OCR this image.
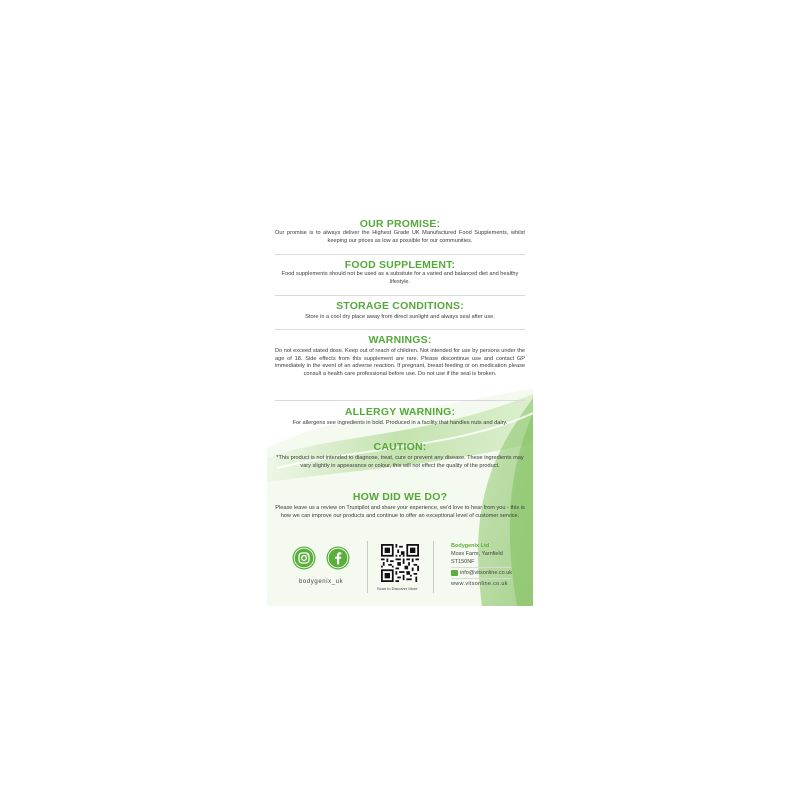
OUR PROMISE:
Our promise is to always deliver the Highest Grade UK Manufactured Food Supplements, whilst keeping our prices as low as possible for our communities.
FOOD SUPPLEMENT:
Food supplements should not be used as a subsitute for a varied and balanced diet and healthy lifestyle.
STORAGE CONDITIONS:
Store in a cool dry place away from direct sunlight and always seal after use.
WARNINGS:
Do not exceed stated dose. Keep out of reach of children. Not intended for use by persons under the age of 18. Side effects from this supplement are rare. Please discontinue use and contact GP immediately in the event of an adverse reaction. If pregnant, breast feeding or on medication please consult a health care professional before use. Do not use if the seal is broken.
ALLERGY WARNING:
For allergens see ingredients in bold. Produced in a facility that handles nuts and dairy.
CAUTION:
*This product is not intended to diagnose, treat, cure or prevent any disease. These ingredients may vary slightly in appearance or colour, this will not effect the quality of the product.
HOW DID WE DO?
Please leave us a review on Trustpilot and share your experience, we'd love to hear from you - this is how we can improve our products and continue to offer an exceptional level of customer service.
bodygenix_uk
Scan to Discover More
Bodygenix Ltd
Moss Farm, Yarnfield
ST150NF
info@vitsonline.co.uk
www.vitsonline.co.uk
